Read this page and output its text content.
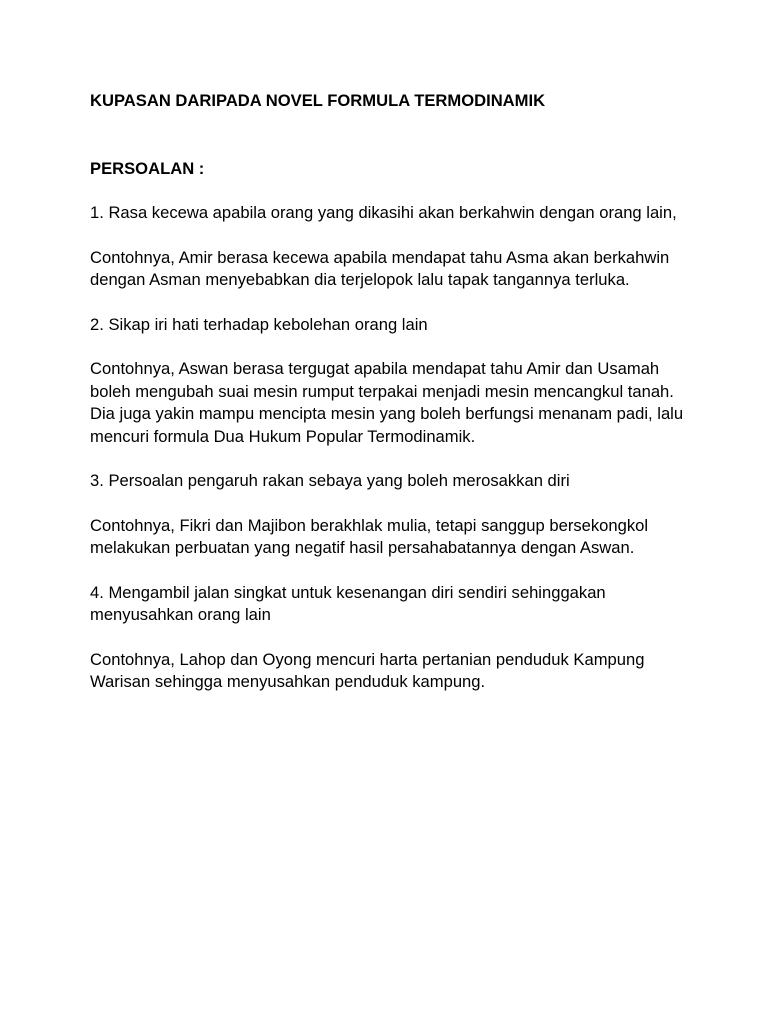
KUPASAN DARIPADA NOVEL FORMULA TERMODINAMIK

PERSOALAN :

1. Rasa kecewa apabila orang yang dikasihi akan berkahwin dengan orang lain,

Contohnya, Amir berasa kecewa apabila mendapat tahu Asma akan berkahwin dengan Asman menyebabkan dia terjelopok lalu tapak tangannya terluka.

2. Sikap iri hati terhadap kebolehan orang lain

Contohnya, Aswan berasa tergugat apabila mendapat tahu Amir dan Usamah boleh mengubah suai mesin rumput terpakai menjadi mesin mencangkul tanah. Dia juga yakin mampu mencipta mesin yang boleh berfungsi menanam padi, lalu mencuri formula Dua Hukum Popular Termodinamik.

3. Persoalan pengaruh rakan sebaya yang boleh merosakkan diri

Contohnya, Fikri dan Majibon berakhlak mulia, tetapi sanggup bersekongkol melakukan perbuatan yang negatif hasil persahabatannya dengan Aswan.

4. Mengambil jalan singkat untuk kesenangan diri sendiri sehinggakan menyusahkan orang lain

Contohnya, Lahop dan Oyong mencuri harta pertanian penduduk Kampung Warisan sehingga menyusahkan penduduk kampung.
